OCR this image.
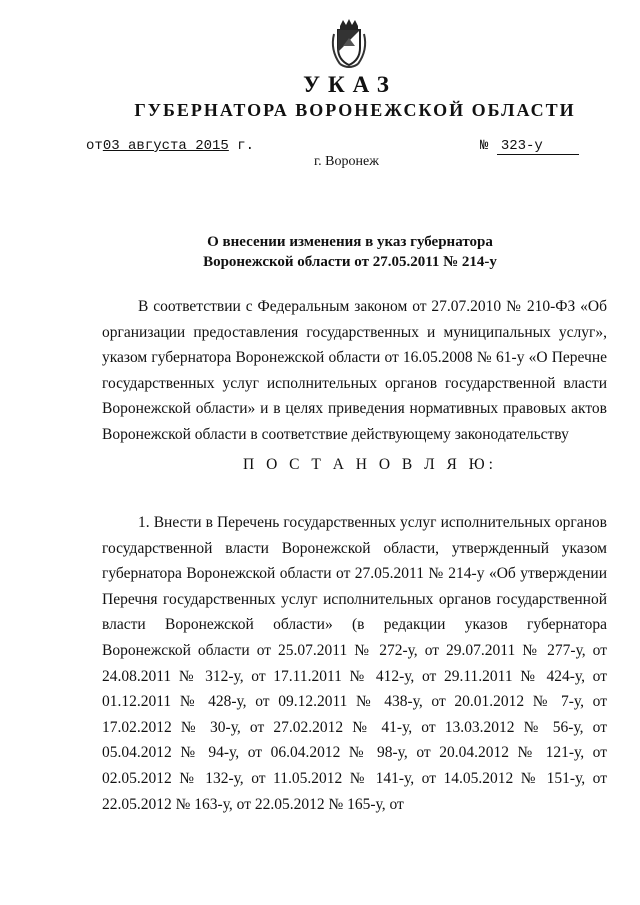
УКАЗ
ГУБЕРНАТОРА ВОРОНЕЖСКОЙ ОБЛАСТИ
от03 августа 2015 г.	№ 323-у
г. Воронеж
О внесении изменения в указ губернатора
Воронежской области от 27.05.2011 № 214-у
В соответствии с Федеральным законом от 27.07.2010 № 210-ФЗ «Об организации предоставления государственных и муниципальных услуг», указом губернатора Воронежской области от 16.05.2008 № 61-у «О Перечне государственных услуг исполнительных органов государственной власти Воронежской области» и в целях приведения нормативных правовых актов Воронежской области в соответствие действующему законодательству
П О С Т А Н О В Л Я Ю:
1. Внести в Перечень государственных услуг исполнительных органов государственной власти Воронежской области, утвержденный указом губернатора Воронежской области от 27.05.2011 № 214-у «Об утверждении Перечня государственных услуг исполнительных органов государственной власти Воронежской области» (в редакции указов губернатора Воронежской области от 25.07.2011 № 272-у, от 29.07.2011 № 277-у, от 24.08.2011 № 312-у, от 17.11.2011 № 412-у, от 29.11.2011 № 424-у, от 01.12.2011 № 428-у, от 09.12.2011 № 438-у, от 20.01.2012 № 7-у, от 17.02.2012 № 30-у, от 27.02.2012 № 41-у, от 13.03.2012 № 56-у, от 05.04.2012 № 94-у, от 06.04.2012 № 98-у, от 20.04.2012 № 121-у, от 02.05.2012 № 132-у, от 11.05.2012 № 141-у, от 14.05.2012 № 151-у, от 22.05.2012 № 163-у, от 22.05.2012 № 165-у, от
